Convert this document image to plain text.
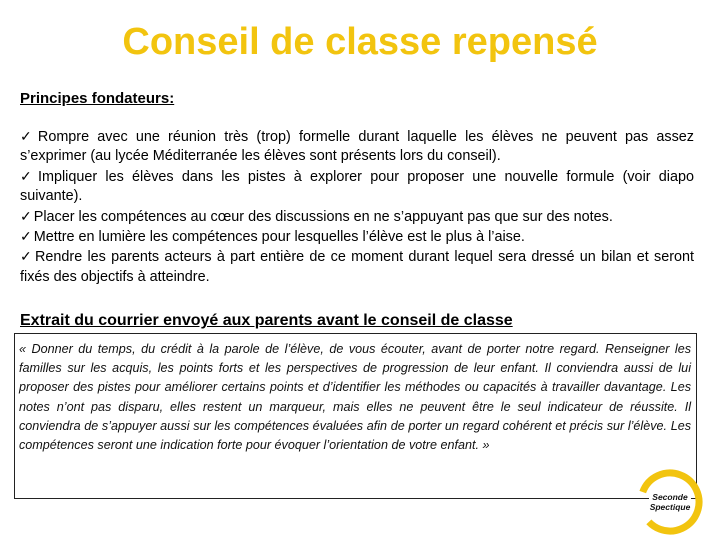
Conseil de classe repensé

Principes fondateurs:

✓ Rompre avec une réunion très (trop) formelle durant laquelle les élèves ne peuvent pas assez s’exprimer (au lycée Méditerranée les élèves sont présents lors du conseil).
✓ Impliquer les élèves dans les pistes à explorer pour proposer une nouvelle formule (voir diapo suivante).
✓ Placer les compétences au cœur des discussions en ne s’appuyant pas que sur des notes.
✓ Mettre en lumière les compétences pour lesquelles l’élève est le plus à l’aise.
✓ Rendre les parents acteurs à part entière de ce moment durant lequel sera dressé un bilan et seront fixés des objectifs à atteindre.

Extrait du courrier envoyé aux parents avant le conseil de classe

« Donner du temps, du crédit à la parole de l’élève, de vous écouter, avant de porter notre regard. Renseigner les familles sur les acquis, les points forts et les perspectives de progression de leur enfant. Il conviendra aussi de lui proposer des pistes pour améliorer certains points et d’identifier les méthodes ou capacités à travailler davantage. Les notes n’ont pas disparu, elles restent un marqueur, mais elles ne peuvent être le seul indicateur de réussite. Il conviendra de s’appuyer aussi sur les compétences évaluées afin de porter un regard cohérent et précis sur l’élève. Les compétences seront une indication forte pour évoquer l’orientation de votre enfant. »

Seconde
Spectique
